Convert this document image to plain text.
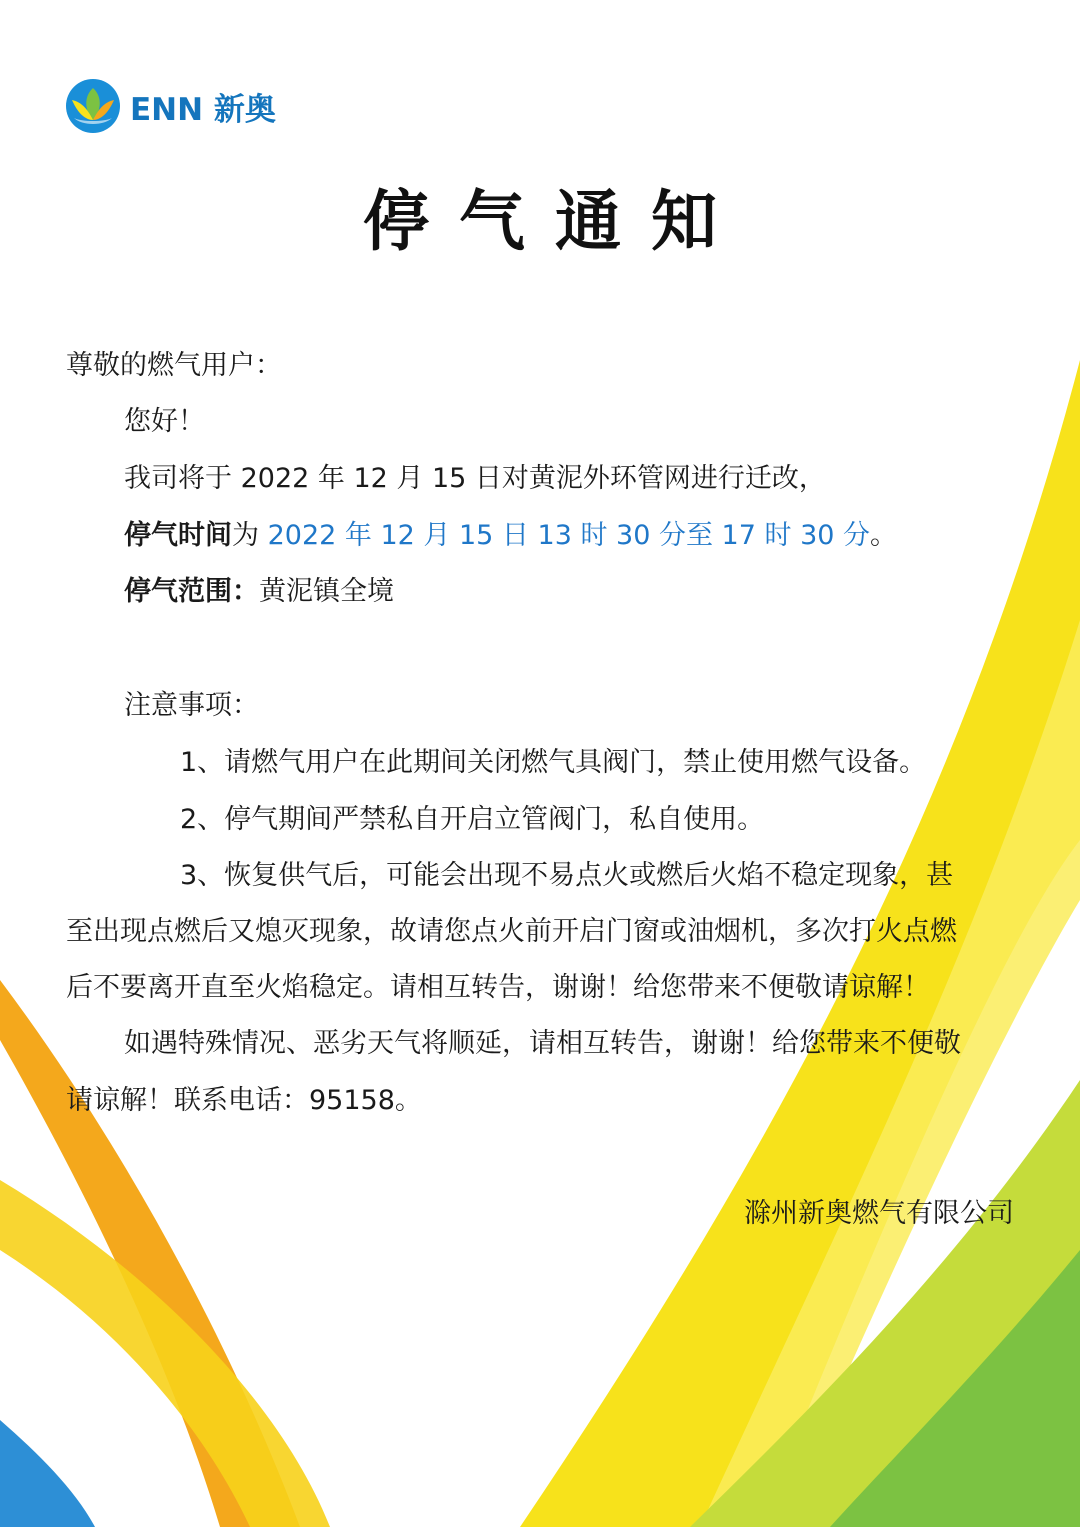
ENN 新奥
停气通知
尊敬的燃气用户：
您好！
我司将于 2022 年 12 月 15 日对黄泥外环管网进行迁改，
停气时间为 2022 年 12 月 15 日 13 时 30 分至 17 时 30 分。
停气范围：黄泥镇全境
注意事项：
1、请燃气用户在此期间关闭燃气具阀门，禁止使用燃气设备。
2、停气期间严禁私自开启立管阀门，私自使用。
3、恢复供气后，可能会出现不易点火或燃后火焰不稳定现象，甚
至出现点燃后又熄灭现象，故请您点火前开启门窗或油烟机，多次打火点燃
后不要离开直至火焰稳定。请相互转告，谢谢！给您带来不便敬请谅解！
如遇特殊情况、恶劣天气将顺延，请相互转告，谢谢！给您带来不便敬
请谅解！联系电话：95158。
滁州新奥燃气有限公司
